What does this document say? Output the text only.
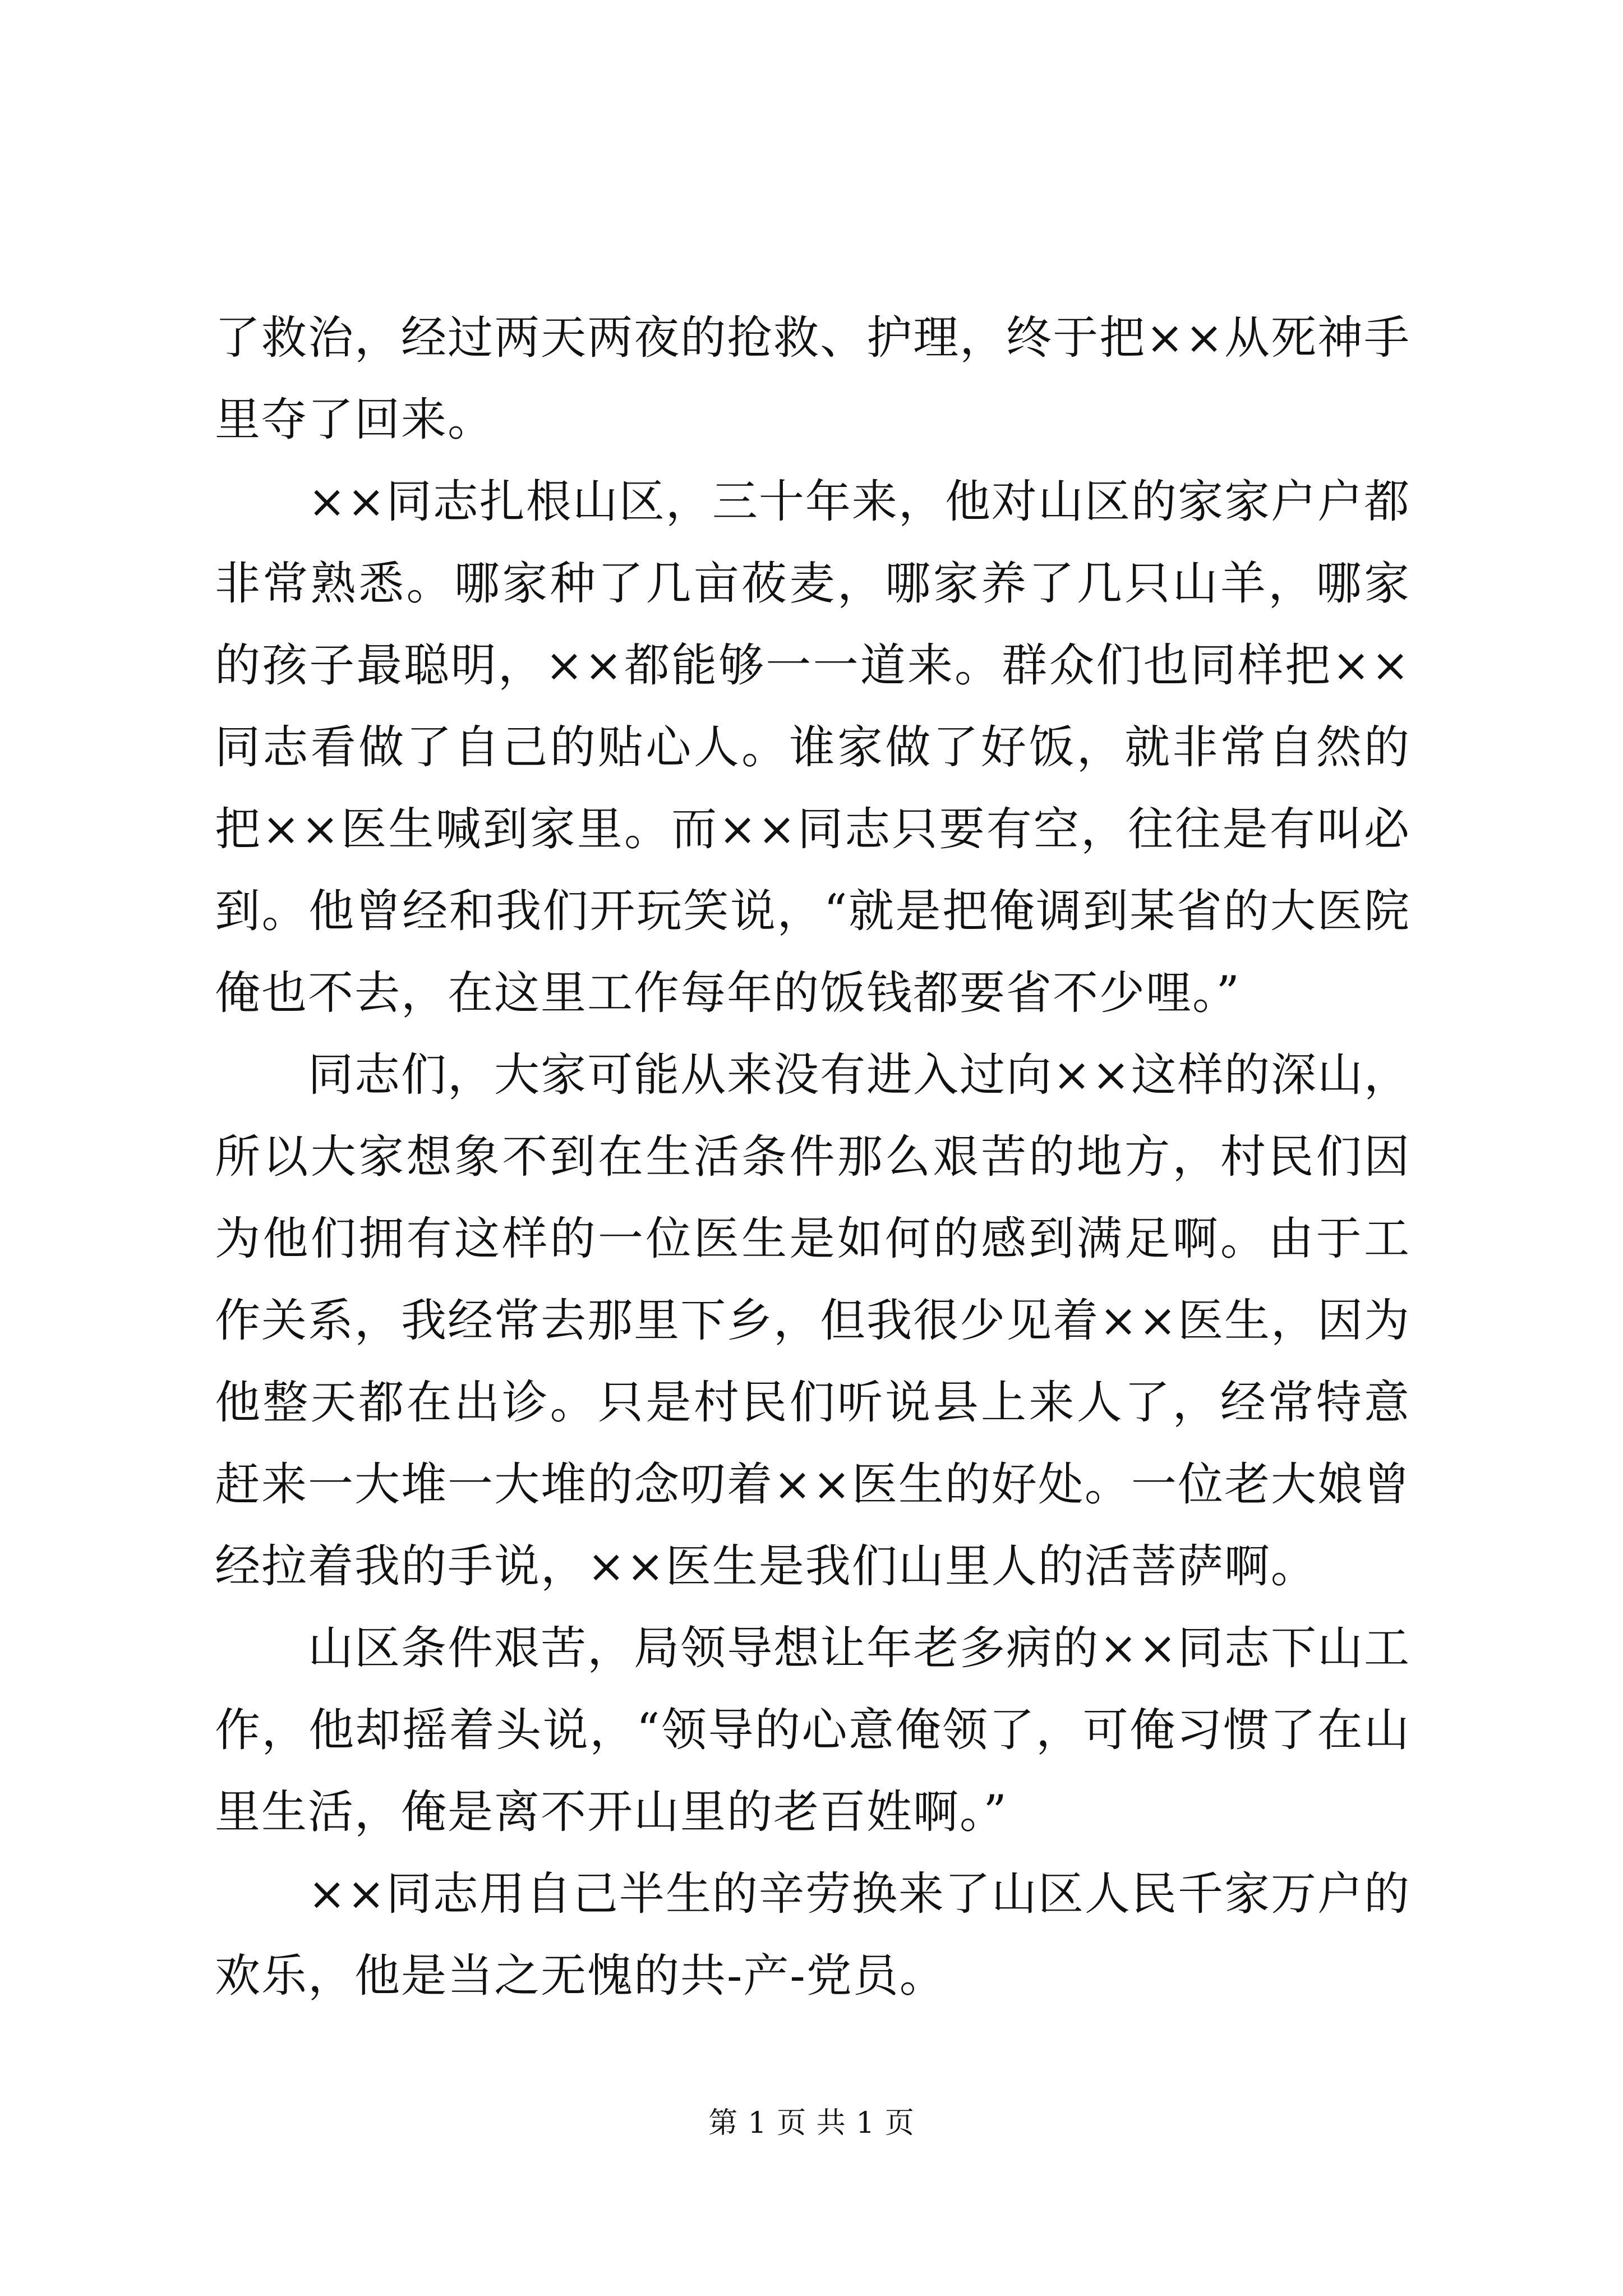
了救治，经过两天两夜的抢救、护理，终于把××从死神手里夺了回来。

××同志扎根山区，三十年来，他对山区的家家户户都非常熟悉。哪家种了几亩莜麦，哪家养了几只山羊，哪家的孩子最聪明，××都能够一一道来。群众们也同样把××同志看做了自己的贴心人。谁家做了好饭，就非常自然的把××医生喊到家里。而××同志只要有空，往往是有叫必到。他曾经和我们开玩笑说，“就是把俺调到某省的大医院俺也不去，在这里工作每年的饭钱都要省不少哩。”

同志们，大家可能从来没有进入过向××这样的深山，所以大家想象不到在生活条件那么艰苦的地方，村民们因为他们拥有这样的一位医生是如何的感到满足啊。由于工作关系，我经常去那里下乡，但我很少见着××医生，因为他整天都在出诊。只是村民们听说县上来人了，经常特意赶来一大堆一大堆的念叨着××医生的好处。一位老大娘曾经拉着我的手说，××医生是我们山里人的活菩萨啊。

山区条件艰苦，局领导想让年老多病的××同志下山工作，他却摇着头说，“领导的心意俺领了，可俺习惯了在山里生活，俺是离不开山里的老百姓啊。”

××同志用自己半生的辛劳换来了山区人民千家万户的欢乐，他是当之无愧的共-产-党员。

第 1 页 共 1 页
